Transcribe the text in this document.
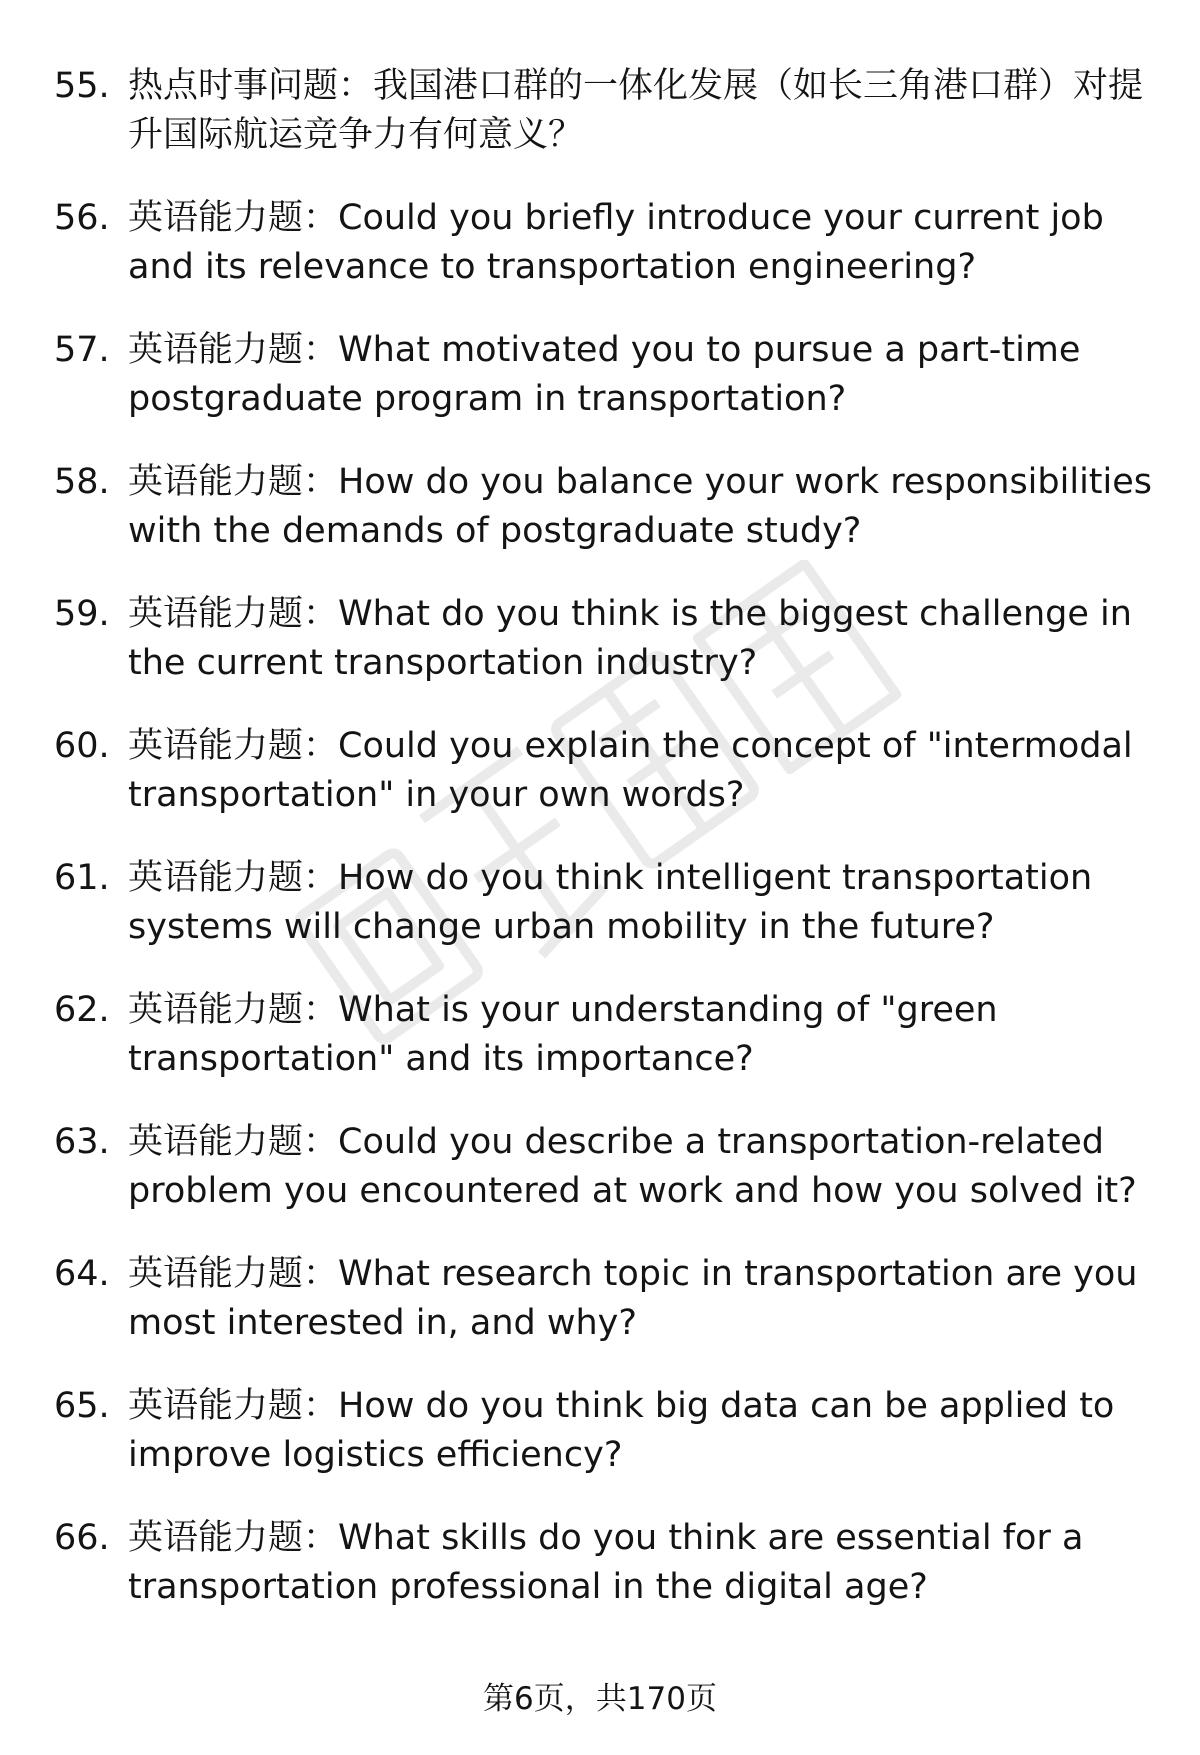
55. 热点时事问题：我国港口群的一体化发展（如长三角港口群）对提升国际航运竞争力有何意义？
56. 英语能力题：Could you briefly introduce your current job and its relevance to transportation engineering?
57. 英语能力题：What motivated you to pursue a part-time postgraduate program in transportation?
58. 英语能力题：How do you balance your work responsibilities with the demands of postgraduate study?
59. 英语能力题：What do you think is the biggest challenge in the current transportation industry?
60. 英语能力题：Could you explain the concept of "intermodal transportation" in your own words?
61. 英语能力题：How do you think intelligent transportation systems will change urban mobility in the future?
62. 英语能力题：What is your understanding of "green transportation" and its importance?
63. 英语能力题：Could you describe a transportation-related problem you encountered at work and how you solved it?
64. 英语能力题：What research topic in transportation are you most interested in, and why?
65. 英语能力题：How do you think big data can be applied to improve logistics efficiency?
66. 英语能力题：What skills do you think are essential for a transportation professional in the digital age?
第6页，共170页
